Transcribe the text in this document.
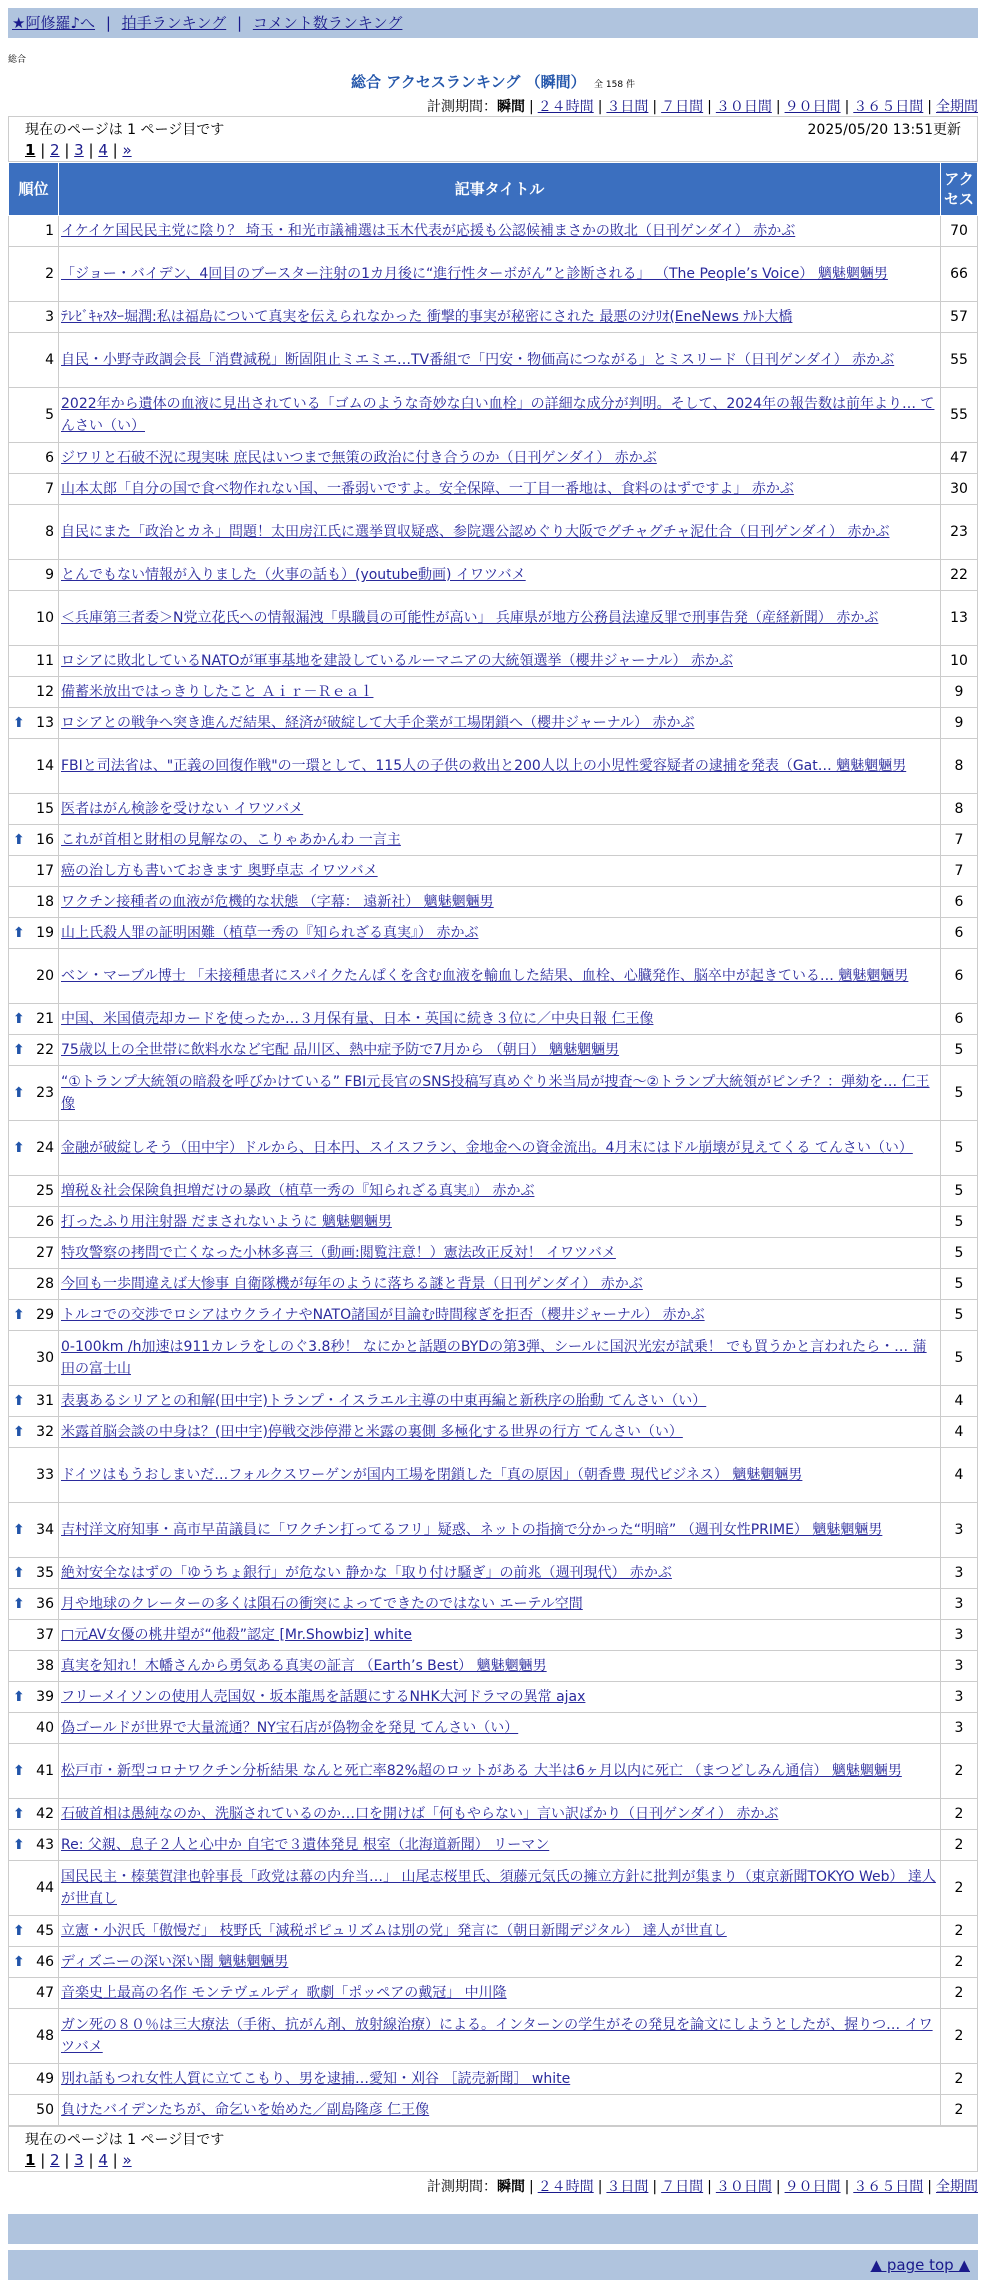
★阿修羅♪へ | 拍手ランキング | コメント数ランキング
総合
総合 アクセスランキング （瞬間） 全 158 件
計測期間：瞬間 | ２４時間 | ３日間 | ７日間 | ３０日間 | ９０日間 | ３６５日間 | 全期間
現在のページは 1 ページ目です	2025/05/20 13:51更新
1 | 2 | 3 | 4 | »
順位	記事タイトル	アクセス
1	イケイケ国民民主党に陰り？ 埼玉・和光市議補選は玉木代表が応援も公認候補まさかの敗北（日刊ゲンダイ） 赤かぶ	70
2	「ジョー・バイデン、4回目のブースター注射の1カ月後に“進行性ターボがん”と診断される」 （The People’s Voice） 魑魅魍魎男	66
3	ﾃﾚﾋﾞｷｬｽﾀｰ堀潤:私は福島について真実を伝えられなかった 衝撃的事実が秘密にされた 最悪のｼﾅﾘｵ(EneNews ﾅﾙﾄ大橋	57
4	自民・小野寺政調会長「消費減税」断固阻止ミエミエ…TV番組で「円安・物価高につながる」とミスリード（日刊ゲンダイ） 赤かぶ	55
5	2022年から遺体の血液に見出されている「ゴムのような奇妙な白い血栓」の詳細な成分が判明。そして、2024年の報告数は前年より… てんさい（い）	55
6	ジワリと石破不況に現実味 庶民はいつまで無策の政治に付き合うのか（日刊ゲンダイ） 赤かぶ	47
7	山本太郎「自分の国で食べ物作れない国、一番弱いですよ。安全保障、一丁目一番地は、食料のはずですよ」 赤かぶ	30
8	自民にまた「政治とカネ」問題！太田房江氏に選挙買収疑惑、参院選公認めぐり大阪でグチャグチャ泥仕合（日刊ゲンダイ） 赤かぶ	23
9	とんでもない情報が入りました（火事の話も）(youtube動画) イワツバメ	22
10	＜兵庫第三者委＞N党立花氏への情報漏洩「県職員の可能性が高い」 兵庫県が地方公務員法違反罪で刑事告発（産経新聞） 赤かぶ	13
11	ロシアに敗北しているNATOが軍事基地を建設しているルーマニアの大統領選挙（櫻井ジャーナル） 赤かぶ	10
12	備蓄米放出ではっきりしたこと Ａｉｒ－Ｒｅａｌ	9

⬆ 13	ロシアとの戦争へ突き進んだ結果、経済が破綻して大手企業が工場閉鎖へ（櫻井ジャーナル） 赤かぶ	9
14	FBIと司法省は、"正義の回復作戦"の一環として、115人の子供の救出と200人以上の小児性愛容疑者の逮捕を発表（Gat… 魑魅魍魎男	8
15	医者はがん検診を受けない イワツバメ	8

⬆ 16	これが首相と財相の見解なの、こりゃあかんわ 一言主	7
17	癌の治し方も書いておきます 奥野卓志 イワツバメ	7
18	ワクチン接種者の血液が危機的な状態 （字幕： 遠新社） 魑魅魍魎男	6

⬆ 19	山上氏殺人罪の証明困難（植草一秀の『知られざる真実』） 赤かぶ	6
20	ベン・マーブル博士 「未接種患者にスパイクたんぱくを含む血液を輸血した結果、血栓、心臓発作、脳卒中が起きている… 魑魅魍魎男	6

⬆ 21	中国、米国債売却カードを使ったか…３月保有量、日本・英国に続き３位に／中央日報 仁王像	6

⬆ 22	75歳以上の全世帯に飲料水など宅配 品川区、熱中症予防で7月から （朝日） 魑魅魍魎男	5

⬆ 23	“①トランプ大統領の暗殺を呼びかけている” FBI元長官のSNS投稿写真めぐり米当局が捜査～②トランプ大統領がピンチ？：弾劾を… 仁王像	5

⬆ 24	金融が破綻しそう（田中宇）ドルから、日本円、スイスフラン、金地金への資金流出。4月末にはドル崩壊が見えてくる てんさい（い）	5
25	増税＆社会保険負担増だけの暴政（植草一秀の『知られざる真実』） 赤かぶ	5
26	打ったふり用注射器 だまされないように 魑魅魍魎男	5
27	特攻警察の拷問で亡くなった小林多喜三（動画:閲覧注意！）憲法改正反対！ イワツバメ	5
28	今回も一歩間違えば大惨事 自衛隊機が毎年のように落ちる謎と背景（日刊ゲンダイ） 赤かぶ	5

⬆ 29	トルコでの交渉でロシアはウクライナやNATO諸国が目論む時間稼ぎを拒否（櫻井ジャーナル） 赤かぶ	5
30	0-100km /h加速は911カレラをしのぐ3.8秒！ なにかと話題のBYDの第3弾、シールに国沢光宏が試乗！ でも買うかと言われたら・… 蒲田の富士山	5

⬆ 31	表裏あるシリアとの和解(田中宇)トランプ・イスラエル主導の中東再編と新秩序の胎動 てんさい（い）	4

⬆ 32	米露首脳会談の中身は？(田中宇)停戦交渉停滞と米露の裏側 多極化する世界の行方 てんさい（い）	4
33	ドイツはもうおしまいだ…フォルクスワーゲンが国内工場を閉鎖した「真の原因」（朝香豊 現代ビジネス） 魑魅魍魎男	4

⬆ 34	吉村洋文府知事・高市早苗議員に「ワクチン打ってるフリ」疑惑、ネットの指摘で分かった“明暗” （週刊女性PRIME） 魑魅魍魎男	3

⬆ 35	絶対安全なはずの「ゆうちょ銀行」が危ない 静かな「取り付け騒ぎ」の前兆（週刊現代） 赤かぶ	3

⬆ 36	月や地球のクレーターの多くは隕石の衝突によってできたのではない エーテル空間	3
37	□元AV女優の桃井望が“他殺”認定 [Mr.Showbiz] white	3
38	真実を知れ！木幡さんから勇気ある真実の証言 （Earth’s Best） 魑魅魍魎男	3

⬆ 39	フリーメイソンの使用人売国奴・坂本龍馬を話題にするNHK大河ドラマの異常 ajax	3
40	偽ゴールドが世界で大量流通？NY宝石店が偽物金を発見 てんさい（い）	3

⬆ 41	松戸市・新型コロナワクチン分析結果 なんと死亡率82%超のロットがある 大半は6ヶ月以内に死亡 （まつどしみん通信） 魑魅魍魎男	2

⬆ 42	石破首相は愚純なのか、洗脳されているのか…口を開けば「何もやらない」言い訳ばかり（日刊ゲンダイ） 赤かぶ	2

⬆ 43	Re: 父親、息子２人と心中か 自宅で３遺体発見 根室（北海道新聞） リーマン	2
44	国民民主・榛葉賀津也幹事長「政党は幕の内弁当…」 山尾志桜里氏、須藤元気氏の擁立方針に批判が集まり（東京新聞TOKYO Web） 達人が世直し	2

⬆ 45	立憲・小沢氏「傲慢だ」 枝野氏「減税ポピュリズムは別の党」発言に（朝日新聞デジタル） 達人が世直し	2

⬆ 46	ディズニーの深い深い闇 魑魅魍魎男	2
47	音楽史上最高の名作 モンテヴェルディ 歌劇「ポッペアの戴冠」 中川隆	2
48	ガン死の８０％は三大療法（手術、抗がん剤、放射線治療）による。インターンの学生がその発見を論文にしようとしたが、握りつ… イワツバメ	2
49	別れ話もつれ女性人質に立てこもり、男を逮捕…愛知・刈谷 ［読売新聞］ white	2
50	負けたバイデンたちが、命乞いを始めた／副島隆彦 仁王像	2
現在のページは 1 ページ目です
1 | 2 | 3 | 4 | »
計測期間：瞬間 | ２４時間 | ３日間 | ７日間 | ３０日間 | ９０日間 | ３６５日間 | 全期間
▲ page top ▲
